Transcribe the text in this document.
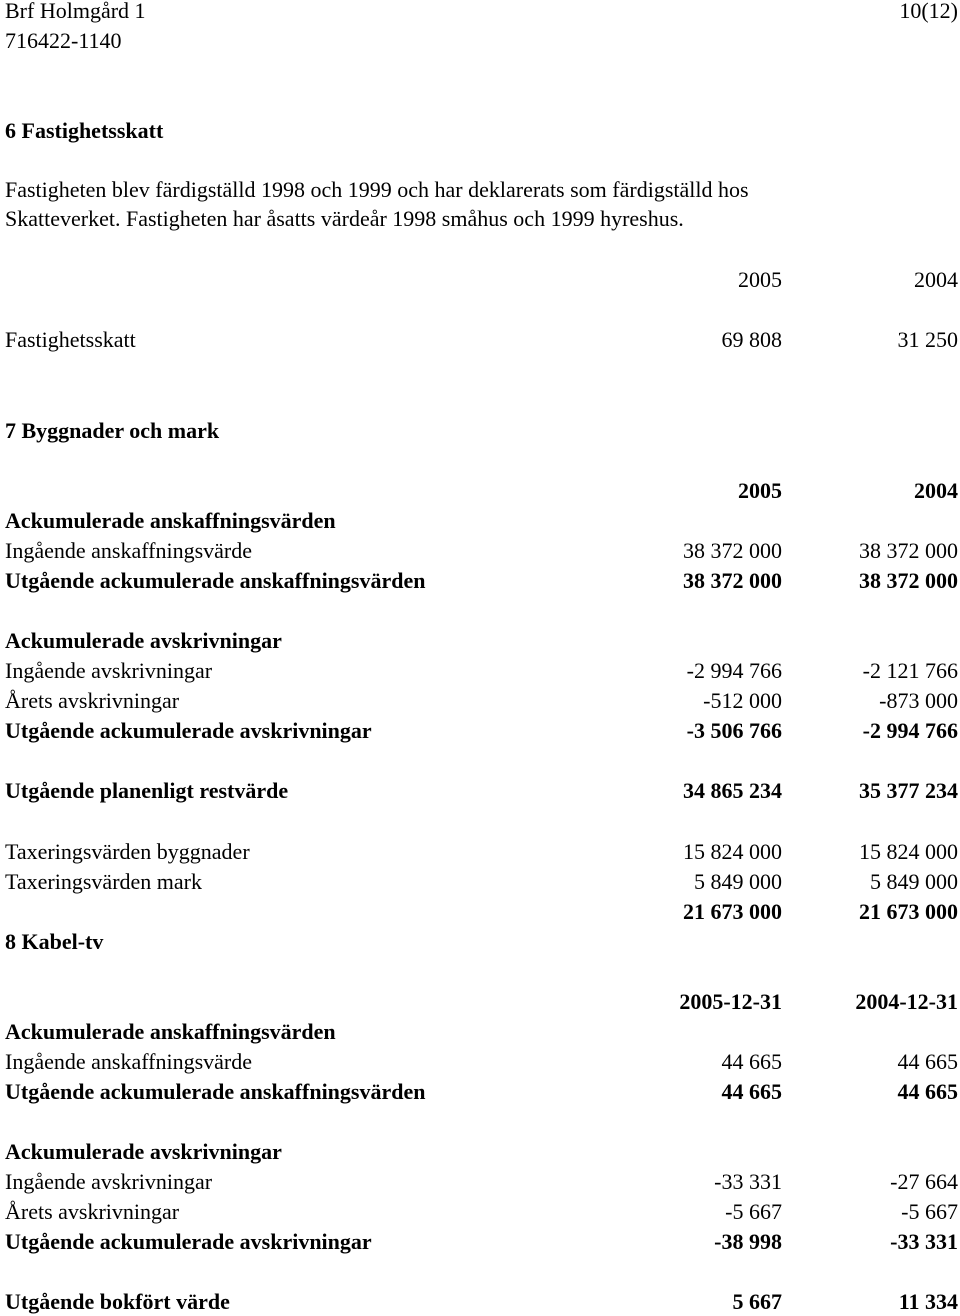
Brf Holmgård 1	10(12)
716422-1140
6 Fastighetsskatt
Fastigheten blev färdigställd 1998 och 1999 och har deklarerats som färdigställd hos
Skatteverket. Fastigheten har åsatts värdeår 1998 småhus och 1999 hyreshus.
2005	2004
Fastighetsskatt	69 808	31 250
7 Byggnader och mark
2005	2004
Ackumulerade anskaffningsvärden
Ingående anskaffningsvärde	38 372 000	38 372 000
Utgående ackumulerade anskaffningsvärden	38 372 000	38 372 000
Ackumulerade avskrivningar
Ingående avskrivningar	-2 994 766	-2 121 766
Årets avskrivningar	-512 000	-873 000
Utgående ackumulerade avskrivningar	-3 506 766	-2 994 766
Utgående planenligt restvärde	34 865 234	35 377 234
Taxeringsvärden byggnader	15 824 000	15 824 000
Taxeringsvärden mark	5 849 000	5 849 000
21 673 000	21 673 000
8 Kabel-tv
2005-12-31	2004-12-31
Ackumulerade anskaffningsvärden
Ingående anskaffningsvärde	44 665	44 665
Utgående ackumulerade anskaffningsvärden	44 665	44 665
Ackumulerade avskrivningar
Ingående avskrivningar	-33 331	-27 664
Årets avskrivningar	-5 667	-5 667
Utgående ackumulerade avskrivningar	-38 998	-33 331
Utgående bokfört värde	5 667	11 334
